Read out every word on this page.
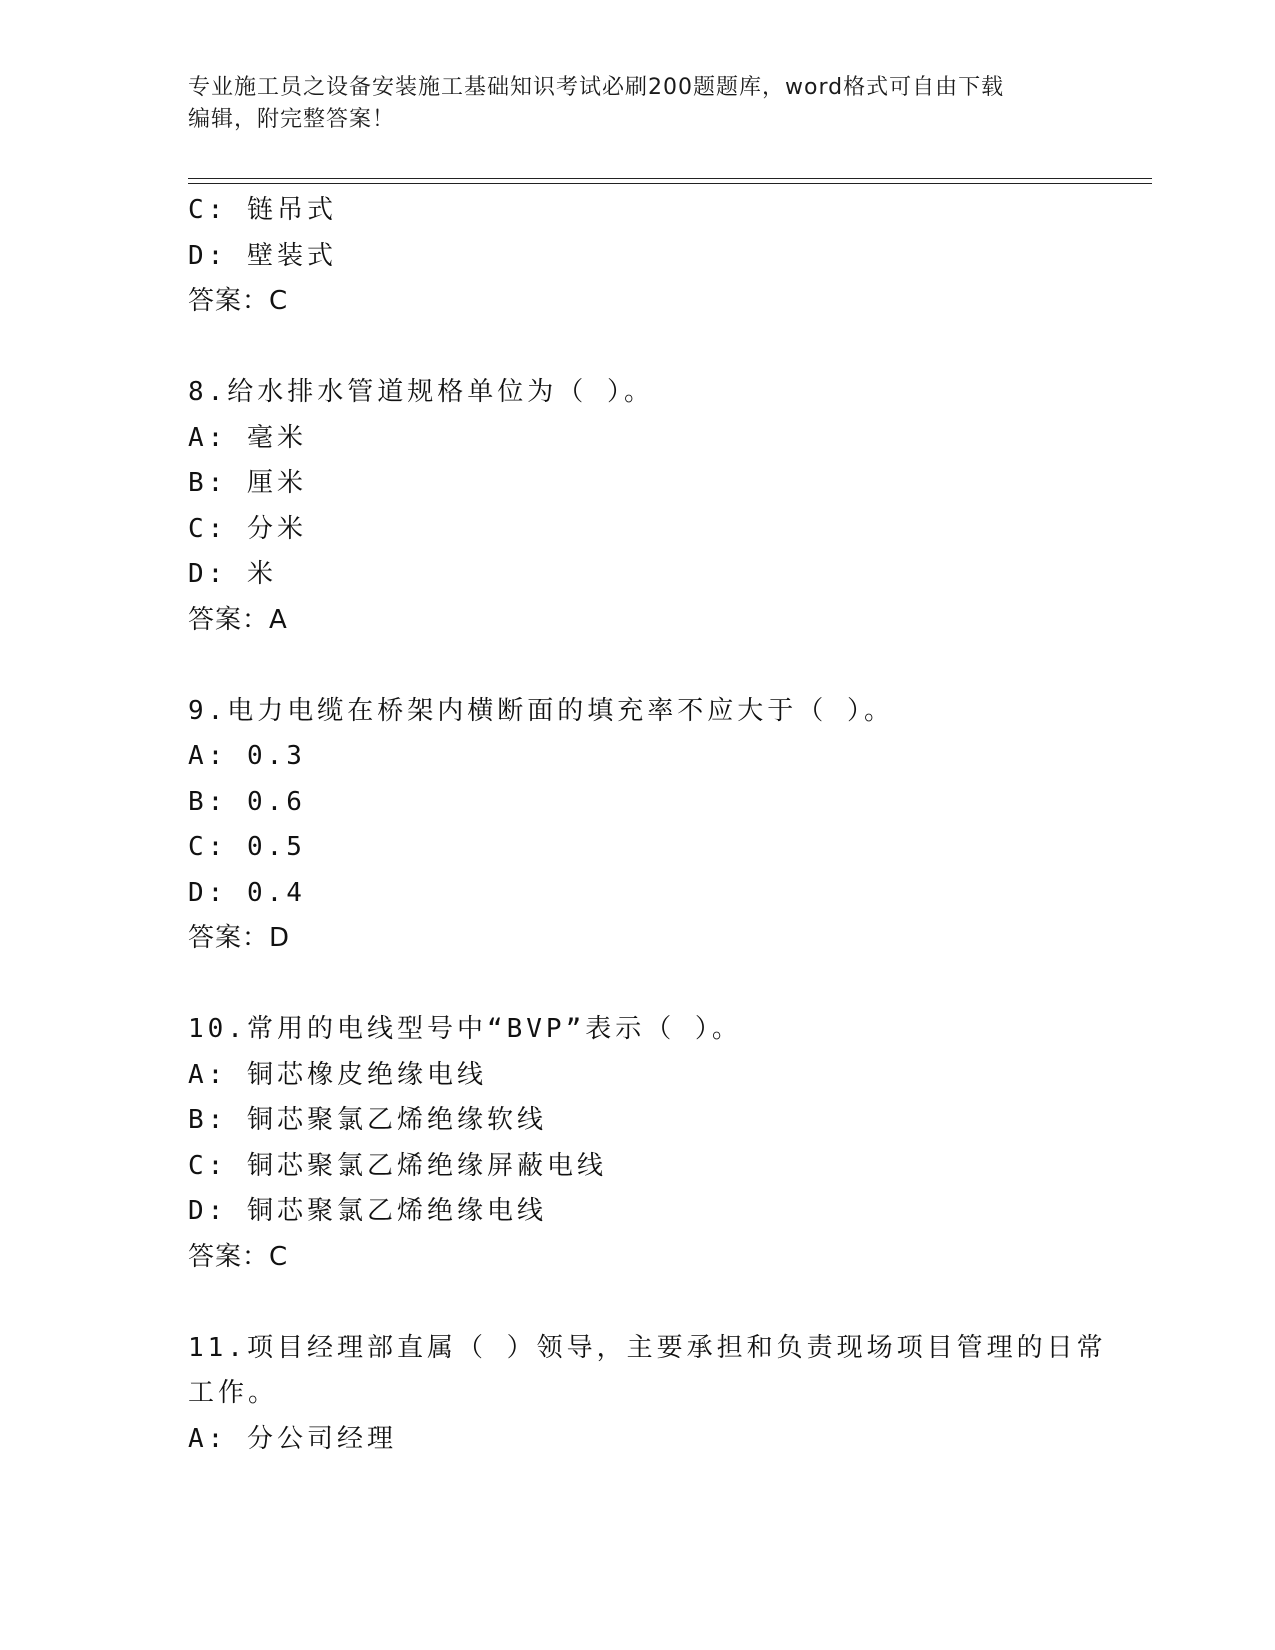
专业施工员之设备安装施工基础知识考试必刷200题题库，word格式可自由下载
编辑，附完整答案！
C: 链吊式
D: 壁装式
答案：C
8.给水排水管道规格单位为（ ）。
A: 毫米
B: 厘米
C: 分米
D: 米
答案：A
9.电力电缆在桥架内横断面的填充率不应大于（ ）。
A: 0.3
B: 0.6
C: 0.5
D: 0.4
答案：D
10.常用的电线型号中“BVP”表示（ ）。
A: 铜芯橡皮绝缘电线
B: 铜芯聚氯乙烯绝缘软线
C: 铜芯聚氯乙烯绝缘屏蔽电线
D: 铜芯聚氯乙烯绝缘电线
答案：C
11.项目经理部直属（ ）领导，主要承担和负责现场项目管理的日常
工作。
A: 分公司经理
